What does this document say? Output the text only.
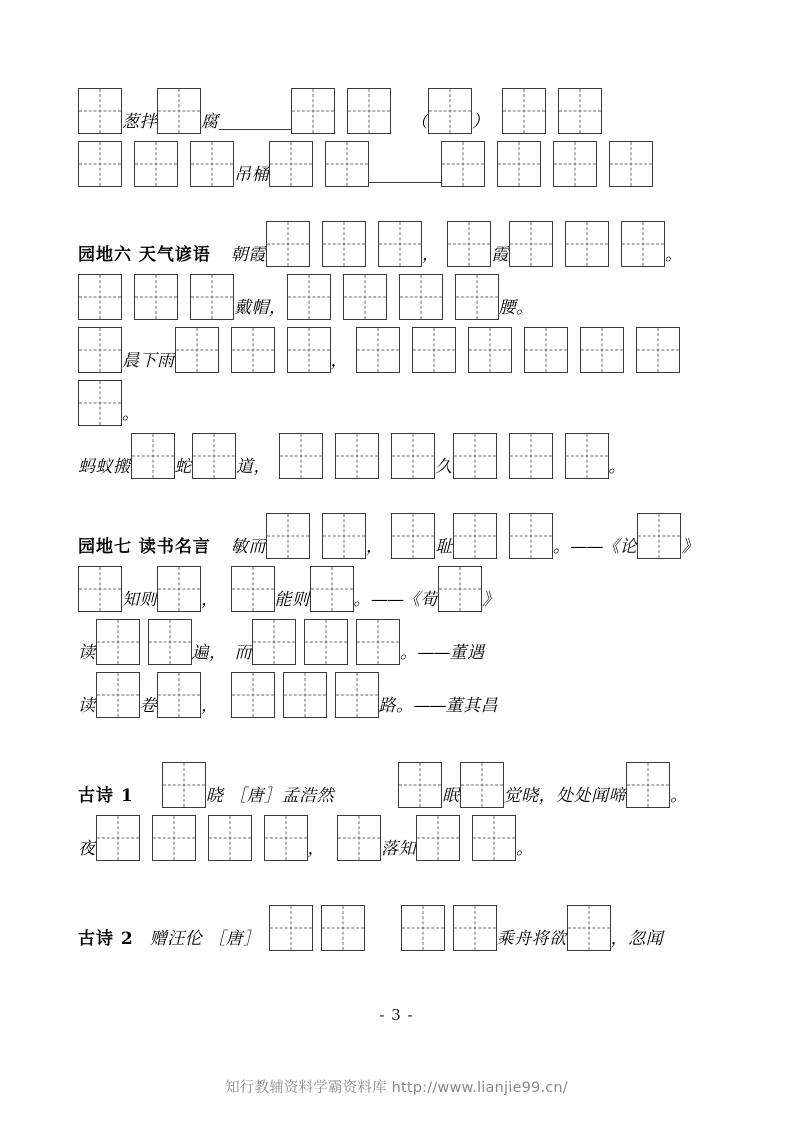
葱拌	腐	（	）
吊桶
园地六 天气谚语 朝霞	，	霞	。
戴帽，	腰。
晨下雨	，
。
蚂蚁搬	蛇	道，	久	。
园地七 读书名言 敏而	，	耻	。 —— 《论	》
知则	，	能则	。 —— 《荀	》
读	遍， 而	。 —— 董遇
读	卷	，	路。 —— 董其昌
古诗 1	晓 ［唐］孟浩然	眠	觉晓，处处闻啼	。
夜	，	落知	。
古诗 2 赠汪伦 ［唐］	乘舟将欲	，忽闻
- 3 -
知行教辅资料学霸资料库 http://www.lianjie99.cn/
